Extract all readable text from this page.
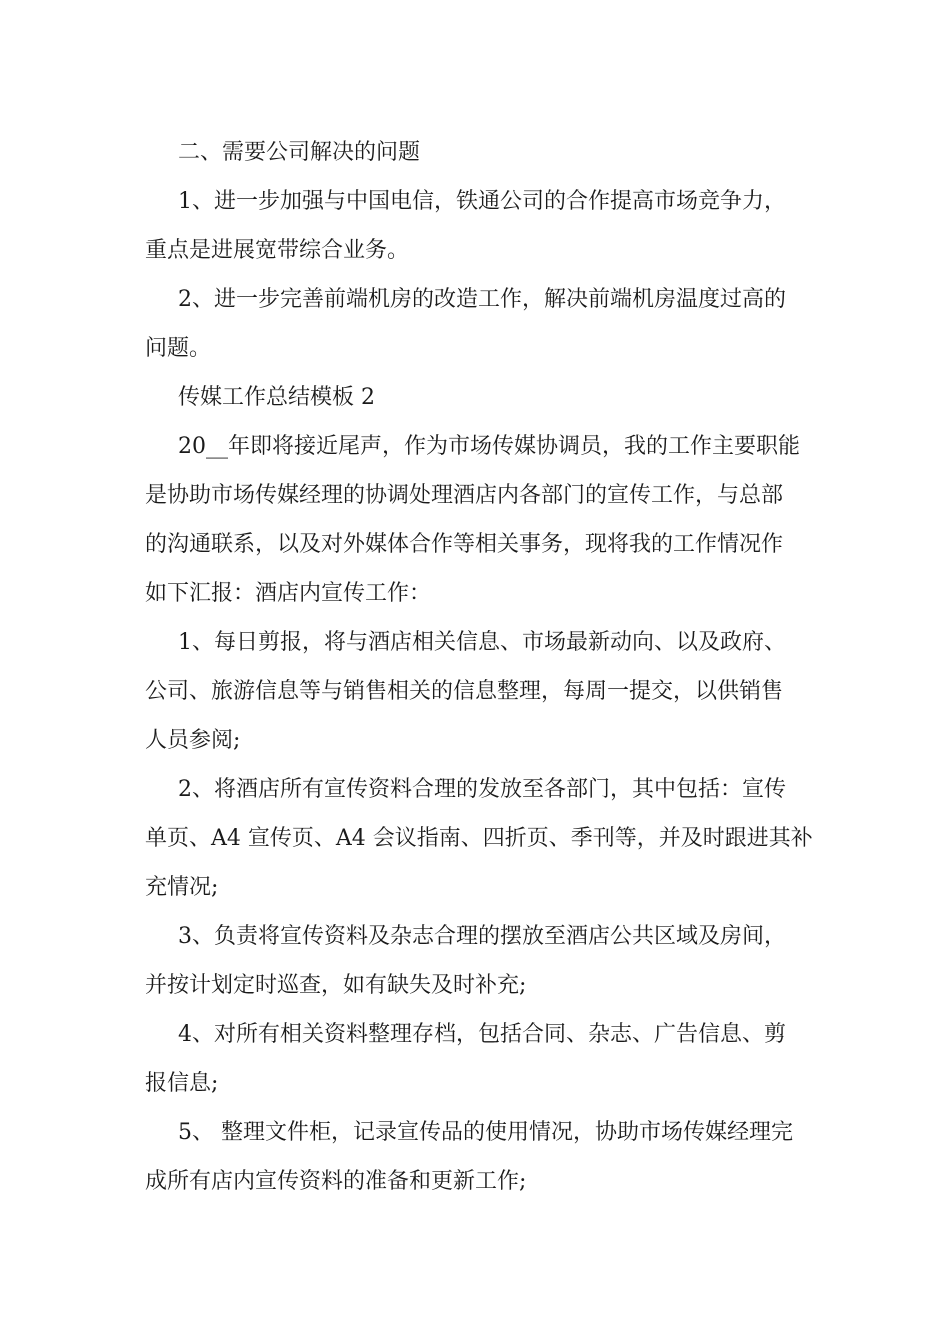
二、需要公司解决的问题
1、进一步加强与中国电信，铁通公司的合作提高市场竞争力，
重点是进展宽带综合业务。
2、进一步完善前端机房的改造工作，解决前端机房温度过高的
问题。
传媒工作总结模板 2
20__年即将接近尾声，作为市场传媒协调员，我的工作主要职能
是协助市场传媒经理的协调处理酒店内各部门的宣传工作，与总部
的沟通联系，以及对外媒体合作等相关事务，现将我的工作情况作
如下汇报：酒店内宣传工作：
1、每日剪报，将与酒店相关信息、市场最新动向、以及政府、
公司、旅游信息等与销售相关的信息整理，每周一提交，以供销售
人员参阅;
2、将酒店所有宣传资料合理的发放至各部门，其中包括：宣传
单页、A4 宣传页、A4 会议指南、四折页、季刊等，并及时跟进其补
充情况;
3、负责将宣传资料及杂志合理的摆放至酒店公共区域及房间，
并按计划定时巡查，如有缺失及时补充;
4、对所有相关资料整理存档，包括合同、杂志、广告信息、剪
报信息;
5、 整理文件柜，记录宣传品的使用情况，协助市场传媒经理完
成所有店内宣传资料的准备和更新工作;
